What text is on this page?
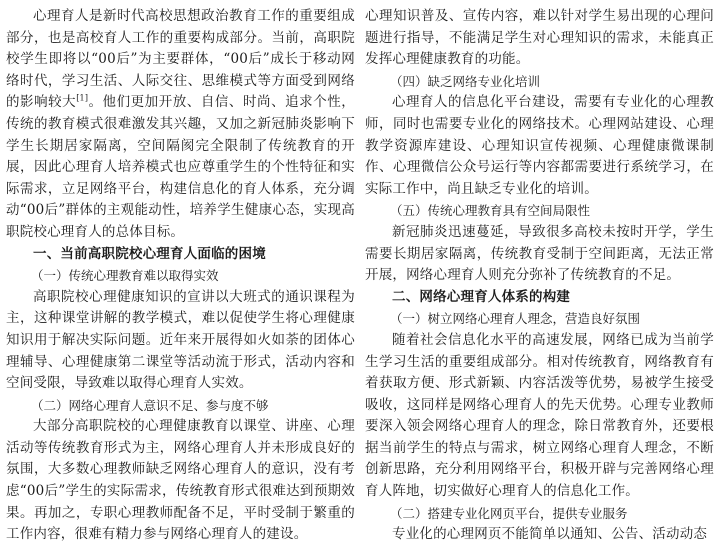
心理育人是新时代高校思想政治教育工作的重要组成部分，也是高校育人工作的重要构成部分。当前，高职院校学生即将以“00后”为主要群体，“00后”成长于移动网络时代，学习生活、人际交往、思维模式等方面受到网络的影响较大[1]。他们更加开放、自信、时尚、追求个性，传统的教育模式很难激发其兴趣，又加之新冠肺炎影响下学生长期居家隔离，空间隔阂完全限制了传统教育的开展，因此心理育人培养模式也应尊重学生的个性特征和实际需求，立足网络平台，构建信息化的育人体系，充分调动“00后”群体的主观能动性，培养学生健康心态，实现高职院校心理育人的总体目标。

一、当前高职院校心理育人面临的困境

（一）传统心理教育难以取得实效

高职院校心理健康知识的宣讲以大班式的通识课程为主，这种课堂讲解的教学模式，难以促使学生将心理健康知识用于解决实际问题。近年来开展得如火如荼的团体心理辅导、心理健康第二课堂等活动流于形式，活动内容和空间受限，导致难以取得心理育人实效。

（二）网络心理育人意识不足、参与度不够

大部分高职院校的心理健康教育以课堂、讲座、心理活动等传统教育形式为主，网络心理育人并未形成良好的氛围，大多数心理教师缺乏网络心理育人的意识，没有考虑“00后”学生的实际需求，传统教育形式很难达到预期效果。再加之，专职心理教师配备不足，平时受制于繁重的工作内容，很难有精力参与网络心理育人的建设。

心理知识普及、宣传内容，难以针对学生易出现的心理问题进行指导，不能满足学生对心理知识的需求，未能真正发挥心理健康教育的功能。

（四）缺乏网络专业化培训

心理育人的信息化平台建设，需要有专业化的心理教师，同时也需要专业化的网络技术。心理网站建设、心理教学资源库建设、心理知识宣传视频、心理健康微课制作、心理微信公众号运行等内容都需要进行系统学习，在实际工作中，尚且缺乏专业化的培训。

（五）传统心理教育具有空间局限性

新冠肺炎迅速蔓延，导致很多高校未按时开学，学生需要长期居家隔离，传统教育受制于空间距离，无法正常开展，网络心理育人则充分弥补了传统教育的不足。

二、网络心理育人体系的构建

（一）树立网络心理育人理念，营造良好氛围

随着社会信息化水平的高速发展，网络已成为当前学生学习生活的重要组成部分。相对传统教育，网络教育有着获取方便、形式新颖、内容活泼等优势，易被学生接受吸收，这同样是网络心理育人的先天优势。心理专业教师要深入领会网络心理育人的理念，除日常教育外，还要根据当前学生的特点与需求，树立网络心理育人理念，不断创新思路，充分利用网络平台，积极开辟与完善网络心理育人阵地，切实做好心理育人的信息化工作。

（二）搭建专业化网页平台，提供专业服务

专业化的心理网页不能简单以通知、公告、活动动态
